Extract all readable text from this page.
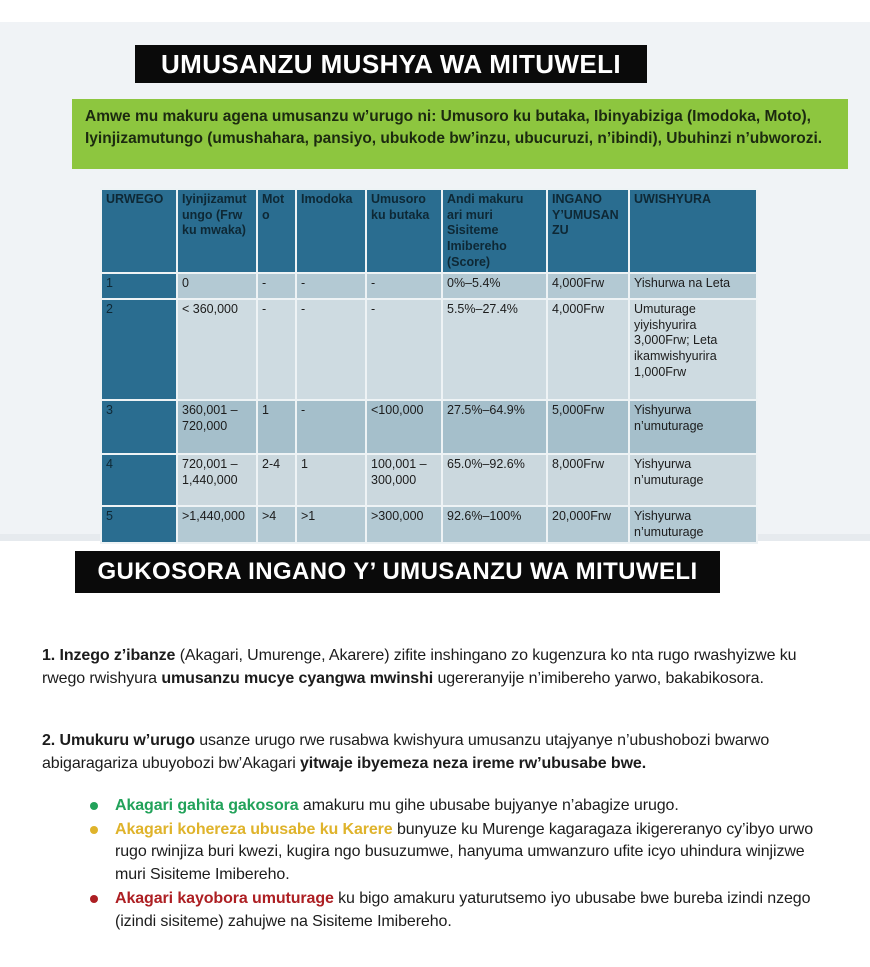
UMUSANZU MUSHYA WA MITUWELI
Amwe mu makuru agena umusanzu w’urugo ni: Umusoro ku butaka, Ibinyabiziga (Imodoka, Moto), Iyinjizamutungo (umushahara, pansiyo, ubukode bw’inzu, ubucuruzi, n’ibindi), Ubuhinzi n’ubworozi.
URWEGO	Iyinjizamutungo (Frw ku mwaka)	Moto	Imodoka	Umusoro ku butaka	Andi makuru ari muri Sisiteme Imibereho (Score)	INGANO Y’UMUSANZU	UWISHYURA
1	0	-	-	-	0%–5.4%	4,000Frw	Yishurwa na Leta
2	< 360,000	-	-	-	5.5%–27.4%	4,000Frw	Umuturage yiyishyurira 3,000Frw; Leta ikamwishyurira 1,000Frw
3	360,001 – 720,000	1	-	<100,000	27.5%–64.9%	5,000Frw	Yishyurwa n’umuturage
4	720,001 – 1,440,000	2-4	1	100,001 – 300,000	65.0%–92.6%	8,000Frw	Yishyurwa n’umuturage
5	>1,440,000	>4	>1	>300,000	92.6%–100%	20,000Frw	Yishyurwa n’umuturage
GUKOSORA INGANO Y’ UMUSANZU WA MITUWELI
1. Inzego z’ibanze (Akagari, Umurenge, Akarere) zifite inshingano zo kugenzura ko nta rugo rwashyizwe ku rwego rwishyura umusanzu mucye cyangwa mwinshi ugereranyije n’imibereho yarwo, bakabikosora.
2. Umukuru w’urugo usanze urugo rwe rusabwa kwishyura umusanzu utajyanye n’ubushobozi bwarwo abigaragariza ubuyobozi bw’Akagari yitwaje ibyemeza neza ireme rw’ubusabe bwe.
Akagari gahita gakosora amakuru mu gihe ubusabe bujyanye n’abagize urugo.
Akagari kohereza ubusabe ku Karere bunyuze ku Murenge kagaragaza ikigereranyo cy’ibyo urwo rugo rwinjiza buri kwezi, kugira ngo busuzumwe, hanyuma umwanzuro ufite icyo uhindura winjizwe muri Sisiteme Imibereho.
Akagari kayobora umuturage ku bigo amakuru yaturutsemo iyo ubusabe bwe bureba izindi nzego (izindi sisiteme) zahujwe na Sisiteme Imibereho.
